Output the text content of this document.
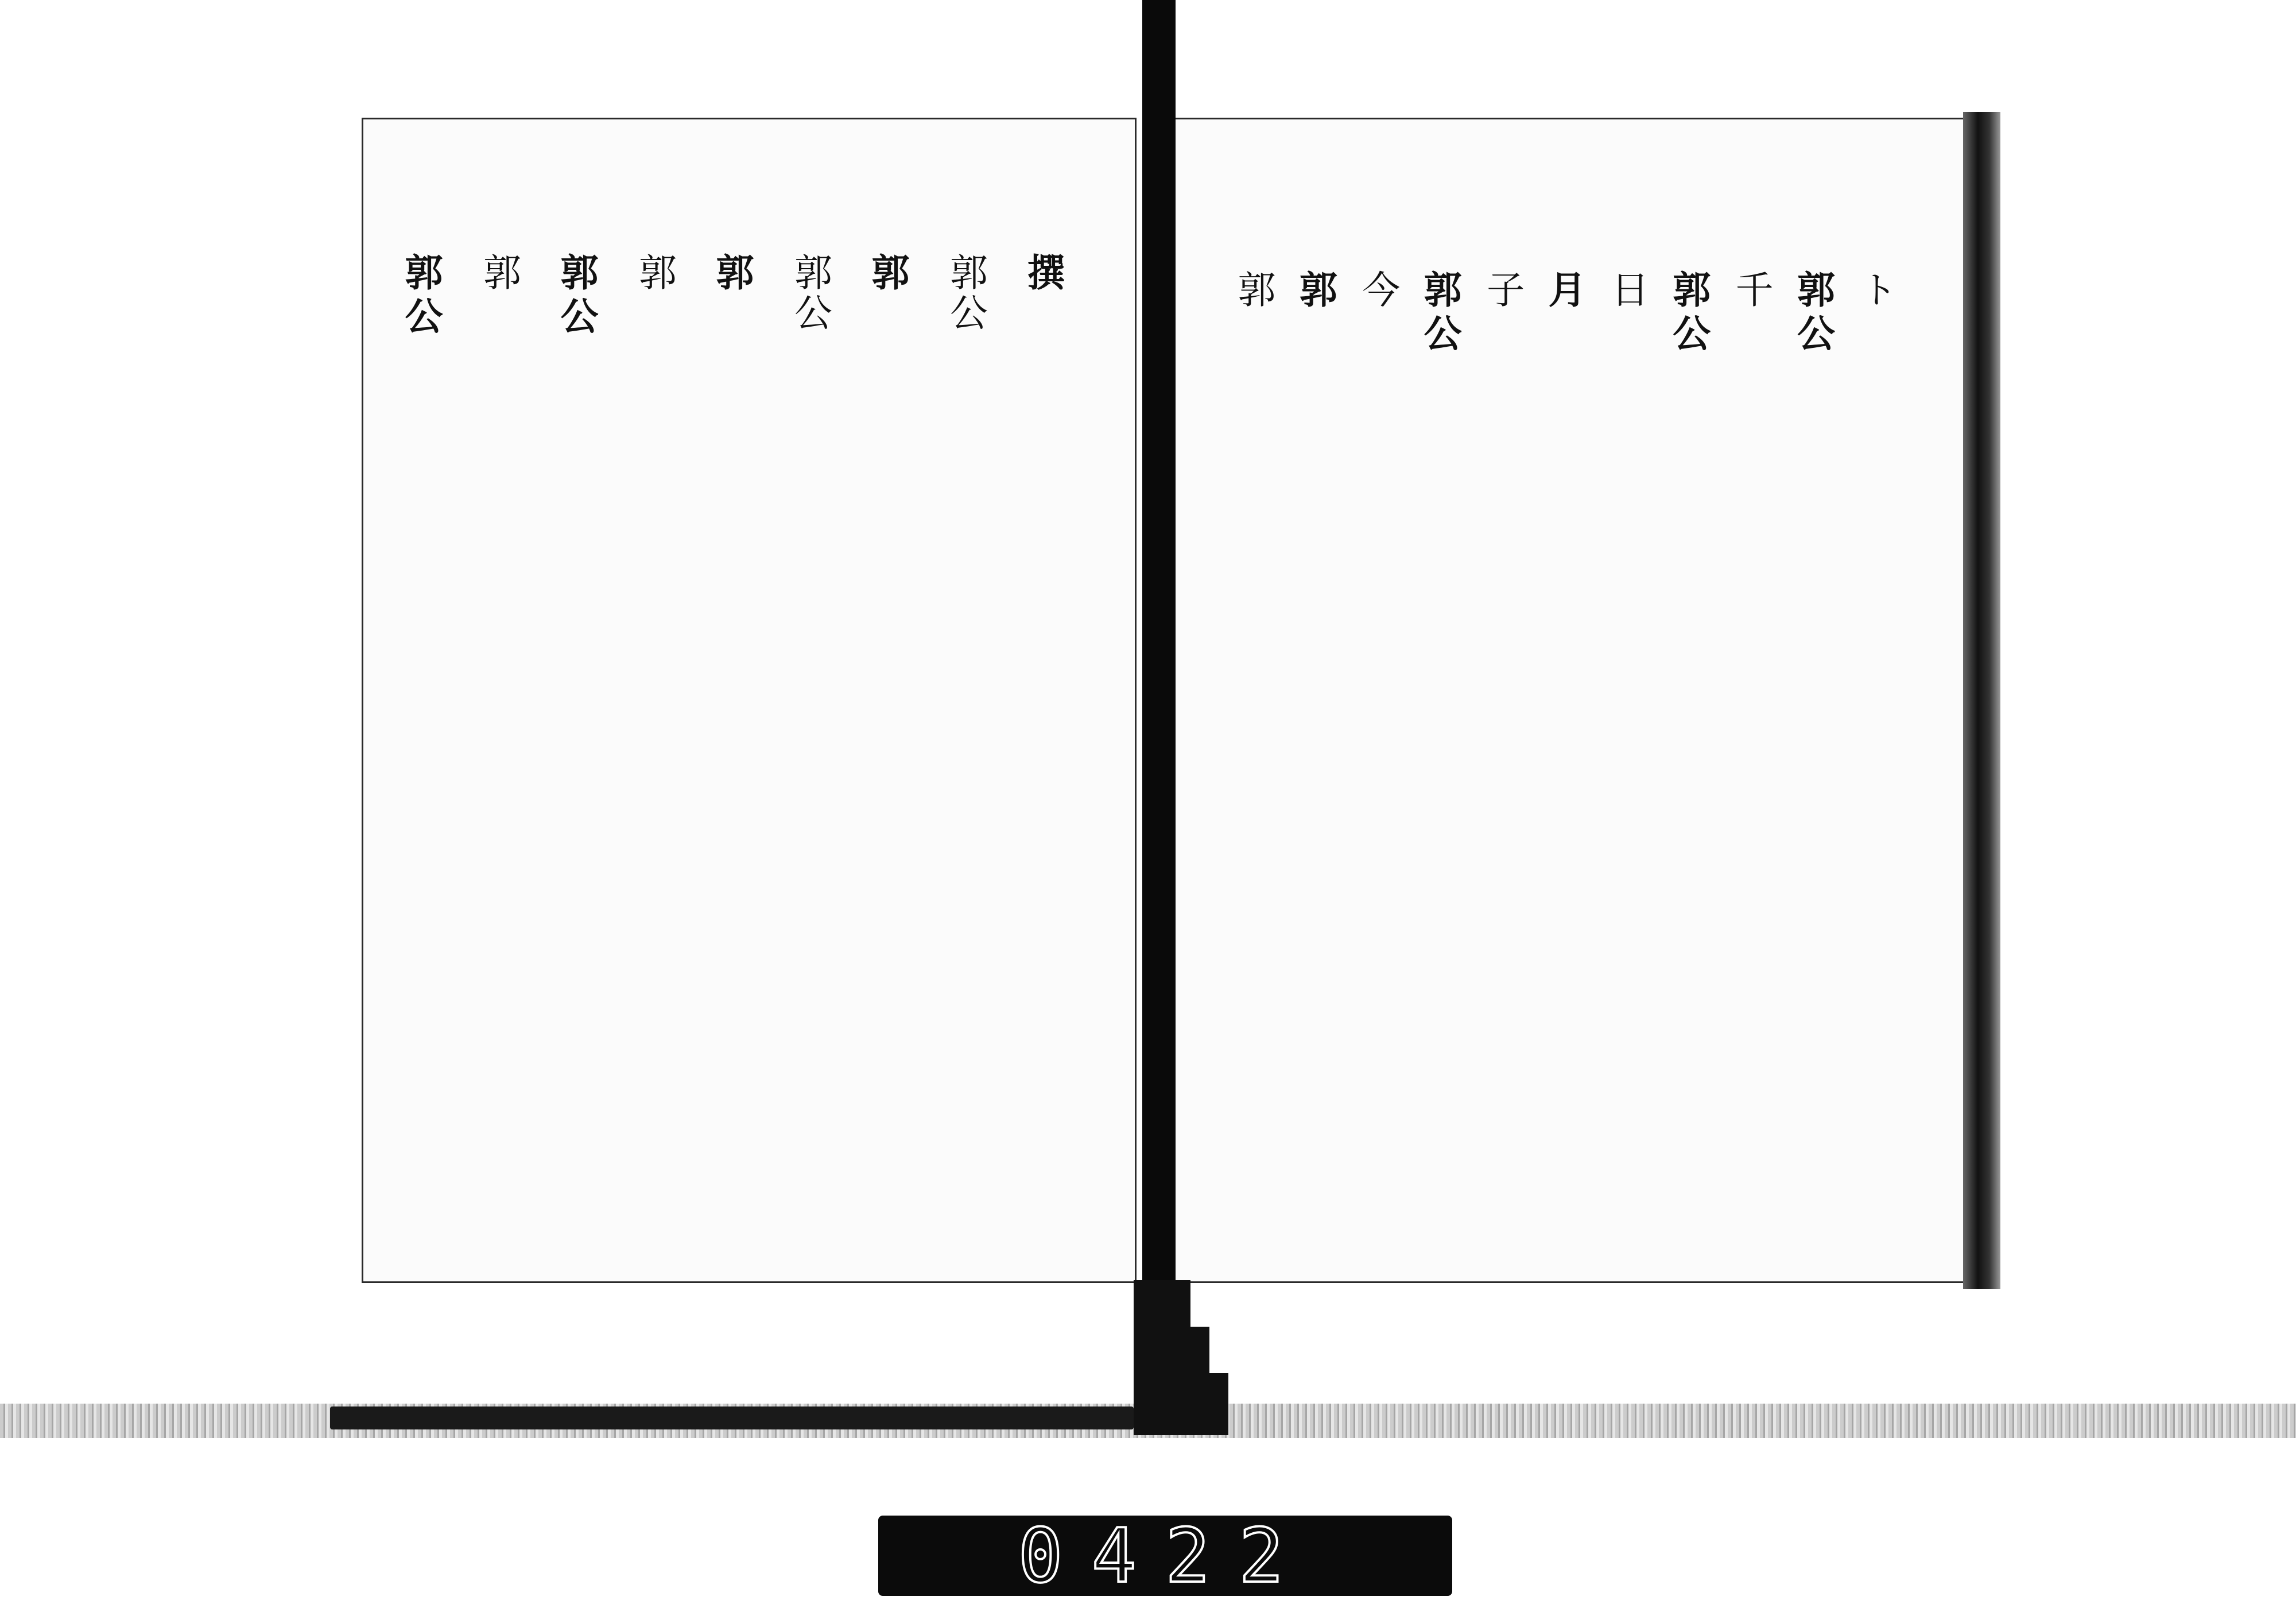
撰
郭公
郭
郭公
郭
郭
郭公
郭
郭公	ト
郭公
千
郭公
日
月
子
郭公
今
郭
郭
0422
